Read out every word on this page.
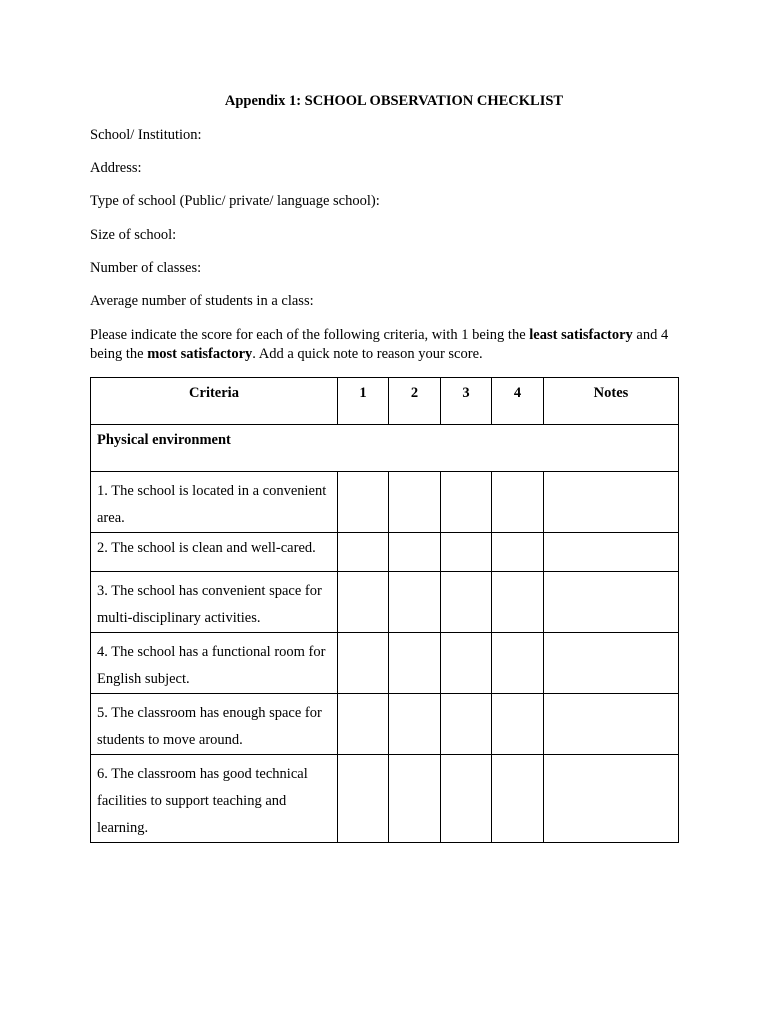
Appendix 1: SCHOOL OBSERVATION CHECKLIST
School/ Institution:
Address:
Type of school (Public/ private/ language school):
Size of school:
Number of classes:
Average number of students in a class:
Please indicate the score for each of the following criteria, with 1 being the least satisfactory and 4 being the most satisfactory. Add a quick note to reason your score.
Criteria	1	2	3	4	Notes
Physical environment					
1. The school is located in a convenient area.					
2. The school is clean and well-cared.					
3. The school has convenient space for multi-disciplinary activities.					
4. The school has a functional room for English subject.					
5. The classroom has enough space for students to move around.					
6. The classroom has good technical facilities to support teaching and learning.					
